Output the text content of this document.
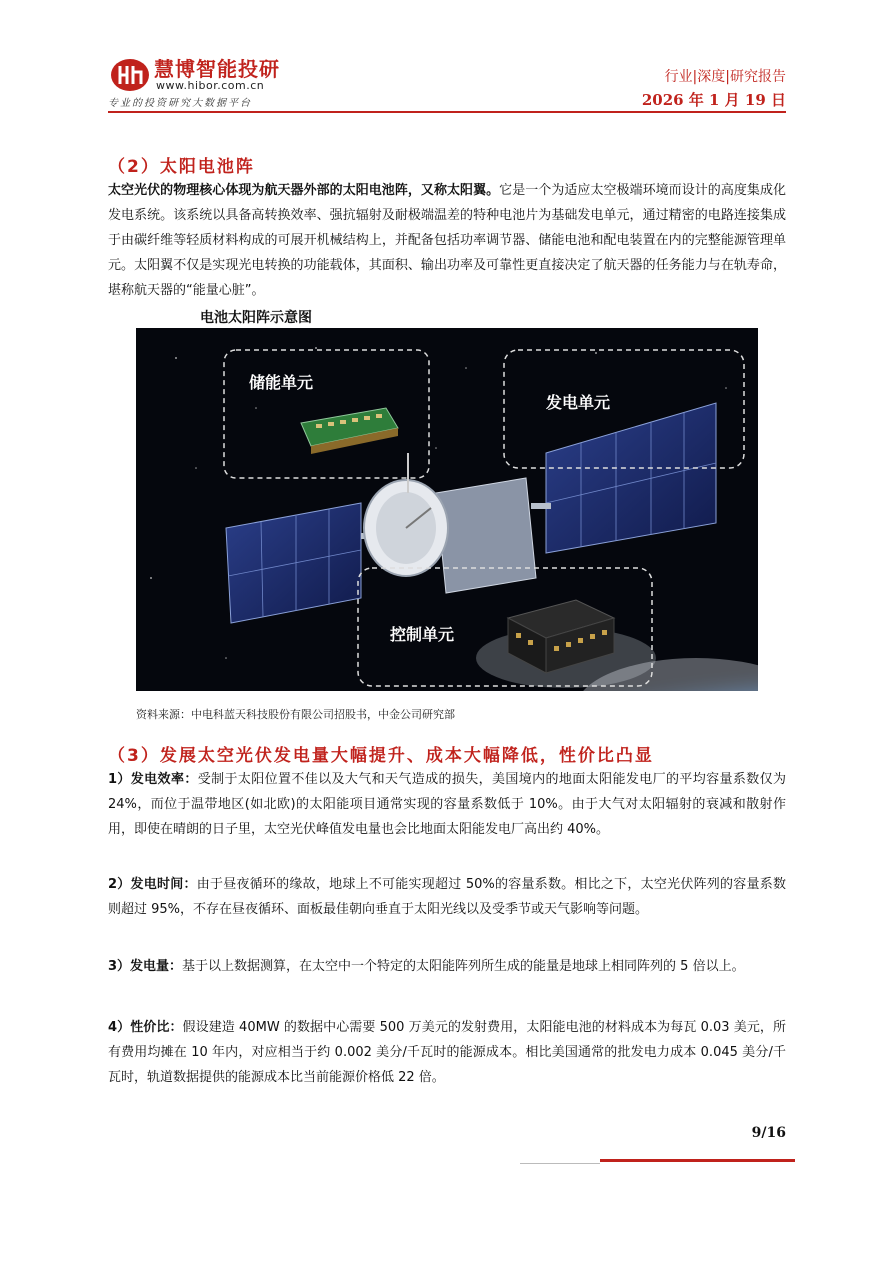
慧博智能投研
www.hibor.com.cn
专业的投资研究大数据平台
行业|深度|研究报告
2026 年 1 月 19 日
（2）太阳电池阵
太空光伏的物理核心体现为航天器外部的太阳电池阵，又称太阳翼。它是一个为适应太空极端环境而设计的高度集成化发电系统。该系统以具备高转换效率、强抗辐射及耐极端温差的特种电池片为基础发电单元，通过精密的电路连接集成于由碳纤维等轻质材料构成的可展开机械结构上，并配备包括功率调节器、储能电池和配电装置在内的完整能源管理单元。太阳翼不仅是实现光电转换的功能载体，其面积、输出功率及可靠性更直接决定了航天器的任务能力与在轨寿命，堪称航天器的“能量心脏”。
电池太阳阵示意图
储能单元
发电单元
控制单元
资料来源：中电科蓝天科技股份有限公司招股书，中金公司研究部
（3）发展太空光伏发电量大幅提升、成本大幅降低，性价比凸显
1）发电效率：受制于太阳位置不佳以及大气和天气造成的损失，美国境内的地面太阳能发电厂的平均容量系数仅为 24%，而位于温带地区(如北欧)的太阳能项目通常实现的容量系数低于 10%。由于大气对太阳辐射的衰减和散射作用，即使在晴朗的日子里，太空光伏峰值发电量也会比地面太阳能发电厂高出约 40%。
2）发电时间：由于昼夜循环的缘故，地球上不可能实现超过 50%的容量系数。相比之下，太空光伏阵列的容量系数则超过 95%，不存在昼夜循环、面板最佳朝向垂直于太阳光线以及受季节或天气影响等问题。
3）发电量：基于以上数据测算，在太空中一个特定的太阳能阵列所生成的能量是地球上相同阵列的 5 倍以上。
4）性价比：假设建造 40MW 的数据中心需要 500 万美元的发射费用，太阳能电池的材料成本为每瓦 0.03 美元，所有费用均摊在 10 年内，对应相当于约 0.002 美分/千瓦时的能源成本。相比美国通常的批发电力成本 0.045 美分/千瓦时，轨道数据提供的能源成本比当前能源价格低 22 倍。
9/16
